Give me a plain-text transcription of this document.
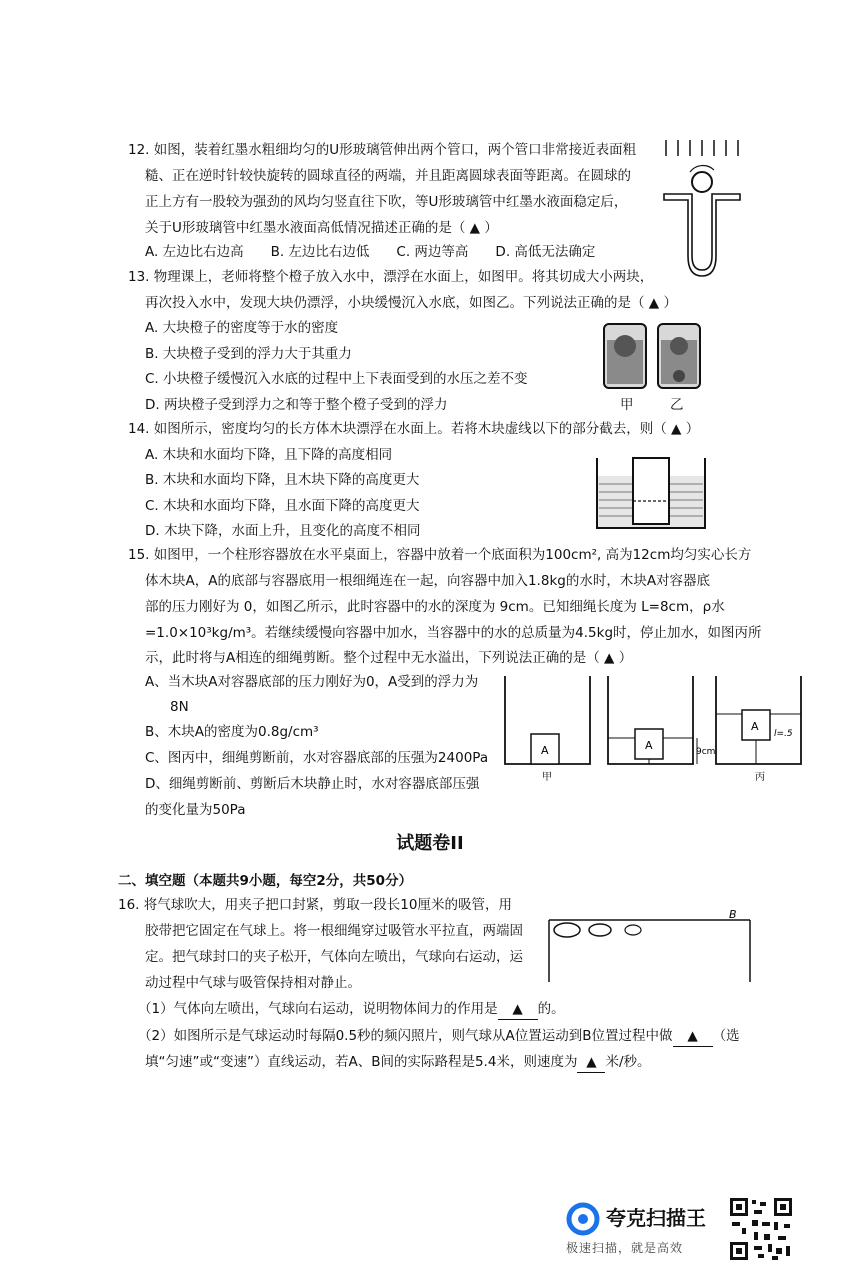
12. 如图，装着红墨水粗细均匀的U形玻璃管伸出两个管口，两个管口非常接近表面粗
糙、正在逆时针较快旋转的圆球直径的两端，并且距离圆球表面等距离。在圆球的
正上方有一股较为强劲的风均匀竖直往下吹，等U形玻璃管中红墨水液面稳定后，
关于U形玻璃管中红墨水液面高低情况描述正确的是（ ▲ ）
A. 左边比右边高　　B. 左边比右边低　　C. 两边等高　　D. 高低无法确定
13. 物理课上，老师将整个橙子放入水中，漂浮在水面上，如图甲。将其切成大小两块，
再次投入水中，发现大块仍漂浮，小块缓慢沉入水底，如图乙。下列说法正确的是（ ▲ ）
A. 大块橙子的密度等于水的密度
B. 大块橙子受到的浮力大于其重力
C. 小块橙子缓慢沉入水底的过程中上下表面受到的水压之差不变
D. 两块橙子受到浮力之和等于整个橙子受到的浮力	甲	乙
14. 如图所示，密度均匀的长方体木块漂浮在水面上。若将木块虚线以下的部分截去，则（ ▲ ）
A. 木块和水面均下降，且下降的高度相同
B. 木块和水面均下降，且木块下降的高度更大
C. 木块和水面均下降，且水面下降的高度更大
D. 木块下降，水面上升，且变化的高度不相同
15. 如图甲，一个柱形容器放在水平桌面上，容器中放着一个底面积为100cm², 高为12cm均匀实心长方
体木块A，A的底部与容器底用一根细绳连在一起，向容器中加入1.8kg的水时，木块A对容器底
部的压力刚好为 0，如图乙所示，此时容器中的水的深度为 9cm。已知细绳长度为 L=8cm，ρ水
=1.0×10³kg/m³。若继续缓慢向容器中加水，当容器中的水的总质量为4.5kg时，停止加水，如图丙所
示，此时将与A相连的细绳剪断。整个过程中无水溢出，下列说法正确的是（ ▲ ）
A、当木块A对容器底部的压力刚好为0，A受到的浮力为
8N
B、木块A的密度为0.8g/cm³
C、图丙中，细绳剪断前，水对容器底部的压强为2400Pa
D、细绳剪断前、剪断后木块静止时，水对容器底部压强
的变化量为50Pa
A
甲
A	9cm
A
l=.5
丙
试题卷II
二、填空题（本题共9小题，每空2分，共50分）
16. 将气球吹大，用夹子把口封紧，剪取一段长10厘米的吸管，用
胶带把它固定在气球上。将一根细绳穿过吸管水平拉直，两端固
定。把气球封口的夹子松开，气体向左喷出，气球向右运动，运
动过程中气球与吸管保持相对静止。
（1）气体向左喷出，气球向右运动，说明物体间力的作用是 ▲ 的。
（2）如图所示是气球运动时每隔0.5秒的频闪照片，则气球从A位置运动到B位置过程中做 ▲ （选
填“匀速”或“变速”）直线运动，若A、B间的实际路程是5.4米，则速度为 ▲ 米/秒。
B
夸克扫描王
极速扫描，就是高效
